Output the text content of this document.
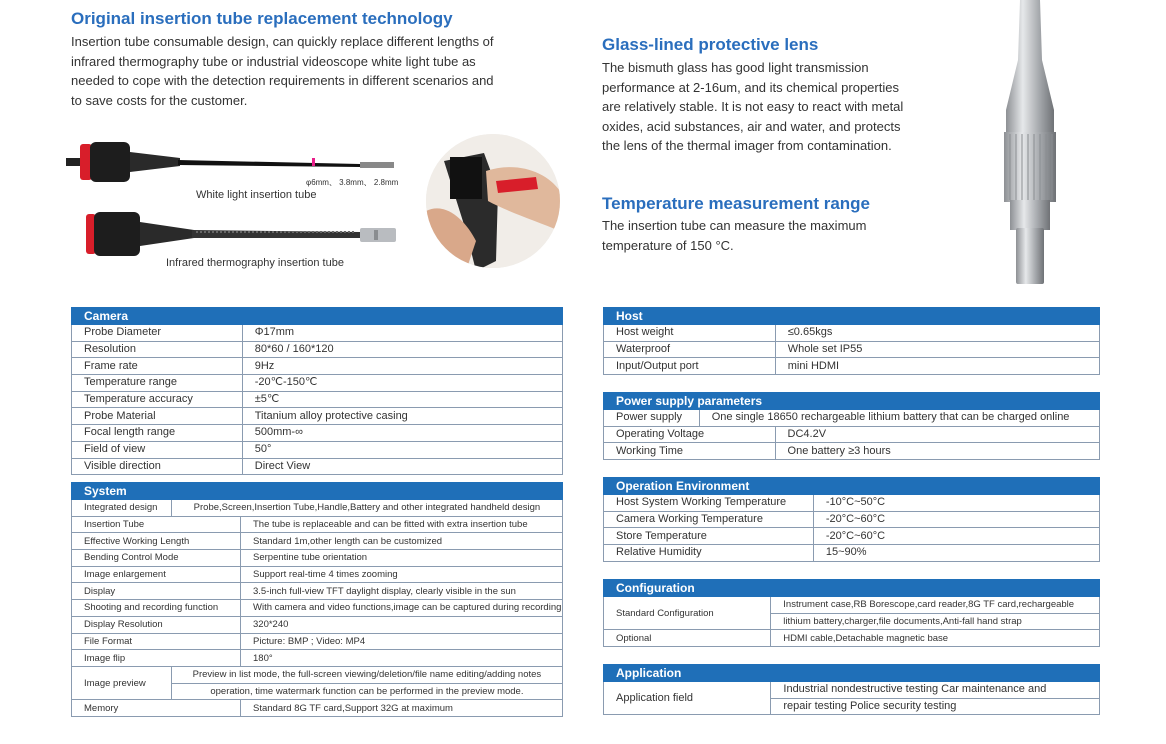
Original insertion tube replacement technology
Insertion tube consumable design, can quickly replace different lengths of
infrared thermography tube or industrial videoscope white light tube as
needed to cope with the detection requirements in different scenarios and
to save costs for the customer.
φ6mm、 3.8mm、 2.8mm
White light insertion tube
Infrared thermography insertion tube
Glass-lined protective lens
The bismuth glass has good light transmission
performance at 2-16um, and its chemical properties
are relatively stable. It is not easy to react with metal
oxides, acid substances, air and water, and protects
the lens of the thermal imager from contamination.
Temperature measurement range
The insertion tube can measure the maximum
temperature of 150 °C.
Camera	
Probe Diameter	Φ17mm
Resolution	80*60 / 160*120
Frame rate	9Hz
Temperature range	-20℃-150℃
Temperature accuracy	±5℃
Probe Material	Titanium alloy protective casing
Focal length range	500mm-∞
Field of view	50°
Visible direction	Direct View
System		
Integrated design	Probe,Screen,Insertion Tube,Handle,Battery and other integrated handheld design	
Insertion Tube		The tube is replaceable and can be fitted with extra insertion tube
Effective Working Length		Standard 1m,other length can be customized
Bending Control Mode		Serpentine tube orientation
Image enlargement		Support real-time 4 times zooming
Display		3.5-inch full-view TFT daylight display, clearly visible in the sun
Shooting and recording function		With camera and video functions,image can be captured during recording
Display Resolution		320*240
File Format		Picture: BMP ; Video: MP4
Image flip		180°
Image preview	Preview in list mode, the full-screen viewing/deletion/file name editing/adding notes	
	operation, time watermark function can be performed in the preview mode.	
Memory		Standard 8G TF card,Support 32G at maximum
Host	
Host weight	≤0.65kgs
Waterproof	Whole set IP55
Input/Output port	mini HDMI
Power supply parameters		
Power supply	One single 18650 rechargeable lithium battery that can be charged online	
Operating Voltage		DC4.2V
Working Time		One battery ≥3 hours
Operation Environment	
Host System Working Temperature	-10°C~50°C
Camera Working Temperature	-20°C~60°C
Store Temperature	-20°C~60°C
Relative Humidity	15~90%
Configuration	
Standard Configuration	Instrument case,RB Borescope,card reader,8G TF card,rechargeable
	lithium battery,charger,file documents,Anti-fall hand strap
Optional	HDMI cable,Detachable magnetic base
Application
Application field	Industrial nondestructive testing Car maintenance and
repair testing Police security testing
